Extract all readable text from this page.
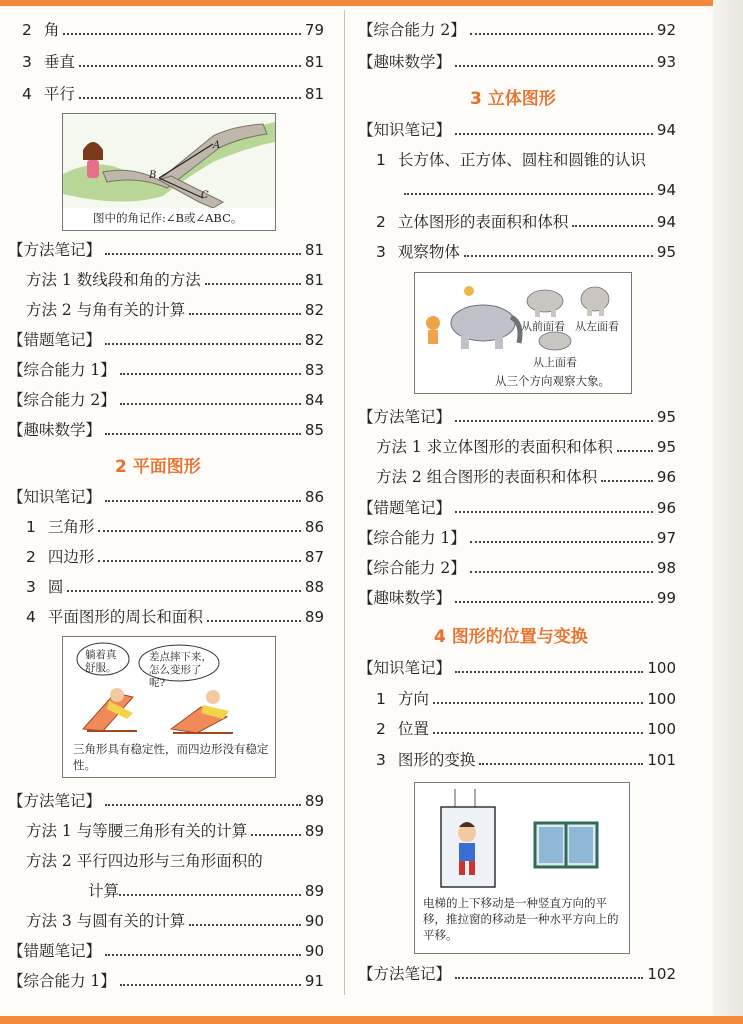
2 角	79
3 垂直	81
4 平行	81
A
B
C
图中的角记作:∠B或∠ABC。
【方法笔记】	81
方法 1 数线段和角的方法	81
方法 2 与角有关的计算	82
【错题笔记】	82
【综合能力 1】	83
【综合能力 2】	84
【趣味数学】	85
2 平面图形
【知识笔记】	86
1 三角形	86
2 四边形	87
3 圆	88
4 平面图形的周长和面积	89
躺着真舒服。
差点摔下来，怎么变形了呢?
三角形具有稳定性，而四边形没有稳定性。
【方法笔记】	89
方法 1 与等腰三角形有关的计算	89
方法 2 平行四边形与三角形面积的
计算	89
方法 3 与圆有关的计算	90
【错题笔记】	90
【综合能力 1】	91
【综合能力 2】	92
【趣味数学】	93
3 立体图形
【知识笔记】	94
1 长方体、正方体、圆柱和圆锥的认识
94
2 立体图形的表面积和体积	94
3 观察物体	95
从前面看 从左面看
从上面看
从三个方向观察大象。
【方法笔记】	95
方法 1 求立体图形的表面积和体积	95
方法 2 组合图形的表面积和体积	96
【错题笔记】	96
【综合能力 1】	97
【综合能力 2】	98
【趣味数学】	99
4 图形的位置与变换
【知识笔记】	100
1 方向	100
2 位置	100
3 图形的变换	101
电梯的上下移动是一种竖直方向的平移，推拉窗的移动是一种水平方向上的平移。
【方法笔记】	102
